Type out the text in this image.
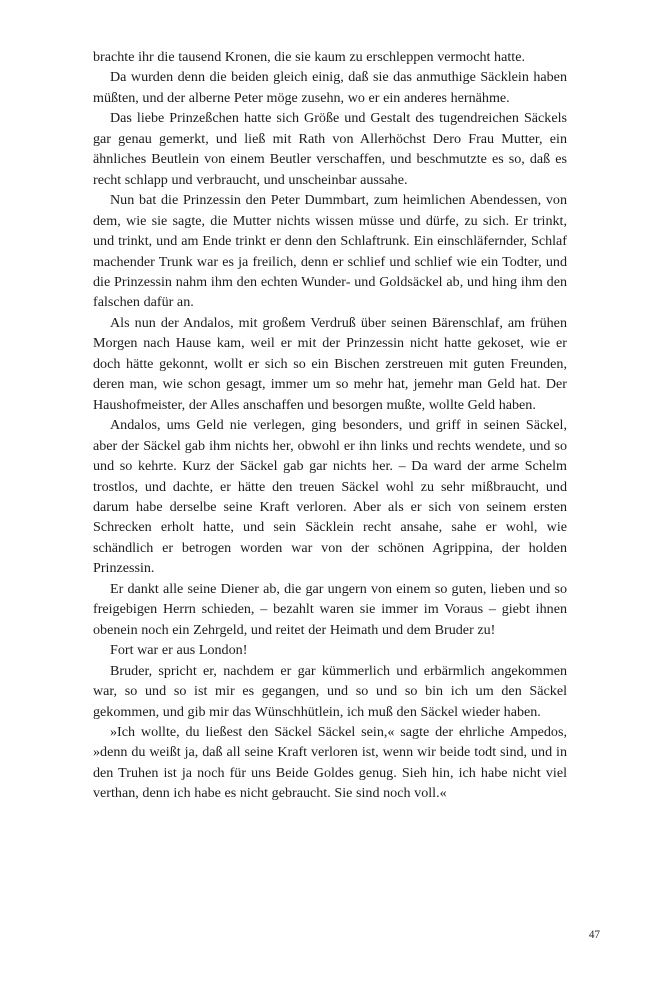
brachte ihr die tausend Kronen, die sie kaum zu erschleppen vermocht hatte.

Da wurden denn die beiden gleich einig, daß sie das anmuthige Säcklein haben müßten, und der alberne Peter möge zusehn, wo er ein anderes hernähme.

Das liebe Prinzeßchen hatte sich Größe und Gestalt des tugendreichen Säckels gar genau gemerkt, und ließ mit Rath von Allerhöchst Dero Frau Mutter, ein ähnliches Beutlein von einem Beutler verschaffen, und beschmutzte es so, daß es recht schlapp und verbraucht, und unscheinbar aussahe.

Nun bat die Prinzessin den Peter Dummbart, zum heimlichen Abendessen, von dem, wie sie sagte, die Mutter nichts wissen müsse und dürfe, zu sich. Er trinkt, und trinkt, und am Ende trinkt er denn den Schlaftrunk. Ein einschläfernder, Schlaf machender Trunk war es ja freilich, denn er schlief und schlief wie ein Todter, und die Prinzessin nahm ihm den echten Wunder- und Goldsäckel ab, und hing ihm den falschen dafür an.

Als nun der Andalos, mit großem Verdruß über seinen Bärenschlaf, am frühen Morgen nach Hause kam, weil er mit der Prinzessin nicht hatte gekoset, wie er doch hätte gekonnt, wollt er sich so ein Bischen zerstreuen mit guten Freunden, deren man, wie schon gesagt, immer um so mehr hat, jemehr man Geld hat. Der Haushofmeister, der Alles anschaffen und besorgen mußte, wollte Geld haben.

Andalos, ums Geld nie verlegen, ging besonders, und griff in seinen Säckel, aber der Säckel gab ihm nichts her, obwohl er ihn links und rechts wendete, und so und so kehrte. Kurz der Säckel gab gar nichts her. – Da ward der arme Schelm trostlos, und dachte, er hätte den treuen Säckel wohl zu sehr mißbraucht, und darum habe derselbe seine Kraft verloren. Aber als er sich von seinem ersten Schrecken erholt hatte, und sein Säcklein recht ansahe, sahe er wohl, wie schändlich er betrogen worden war von der schönen Agrippina, der holden Prinzessin.

Er dankt alle seine Diener ab, die gar ungern von einem so guten, lieben und so freigebigen Herrn schieden, – bezahlt waren sie immer im Voraus – giebt ihnen obenein noch ein Zehrgeld, und reitet der Heimath und dem Bruder zu!

Fort war er aus London!

Bruder, spricht er, nachdem er gar kümmerlich und erbärmlich angekommen war, so und so ist mir es gegangen, und so und so bin ich um den Säckel gekommen, und gib mir das Wünschhütlein, ich muß den Säckel wieder haben.

»Ich wollte, du ließest den Säckel Säckel sein,« sagte der ehrliche Ampedos, »denn du weißt ja, daß all seine Kraft verloren ist, wenn wir beide todt sind, und in den Truhen ist ja noch für uns Beide Goldes genug. Sieh hin, ich habe nicht viel verthan, denn ich habe es nicht gebraucht. Sie sind noch voll.«

47
